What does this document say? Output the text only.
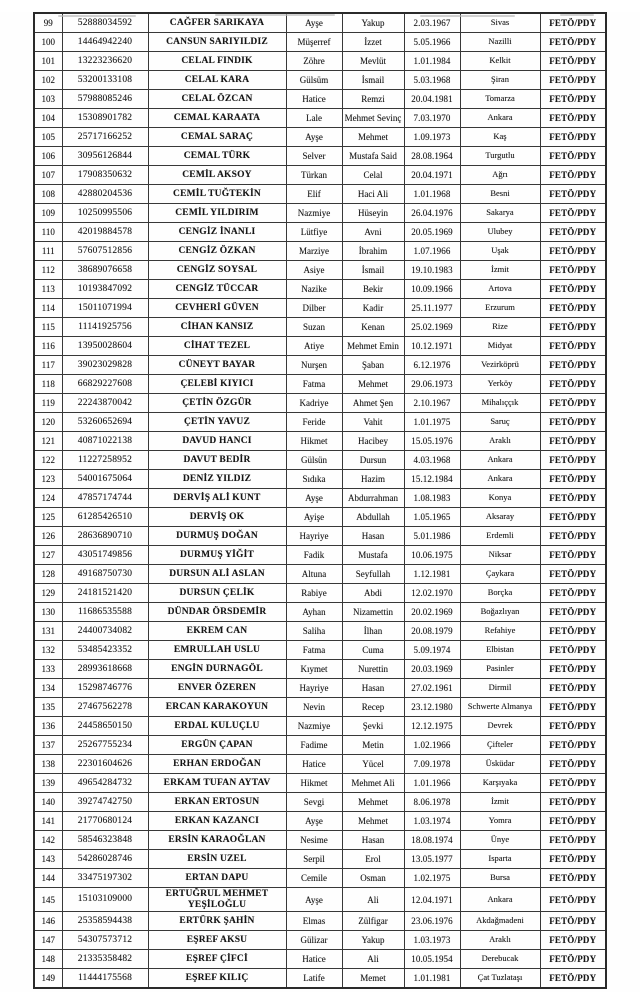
99	52888034592	CAĞFER SARIKAYA	Ayşe	Yakup	2.03.1967	Sivas	FETÖ/PDY
100	14464942240	CANSUN SARIYILDIZ	Müşerref	İzzet	5.05.1966	Nazilli	FETÖ/PDY
101	13223236620	CELAL FINDIK	Zöhre	Mevlüt	1.01.1984	Kelkit	FETÖ/PDY
102	53200133108	CELAL KARA	Gülsüm	İsmail	5.03.1968	Şiran	FETÖ/PDY
103	57988085246	CELAL ÖZCAN	Hatice	Remzi	20.04.1981	Tomarza	FETÖ/PDY
104	15308901782	CEMAL KARAATA	Lale	Mehmet Sevinç	7.03.1970	Ankara	FETÖ/PDY
105	25717166252	CEMAL SARAÇ	Ayşe	Mehmet	1.09.1973	Kaş	FETÖ/PDY
106	30956126844	CEMAL TÜRK	Selver	Mustafa Said	28.08.1964	Turgutlu	FETÖ/PDY
107	17908350632	CEMİL AKSOY	Türkan	Celal	20.04.1971	Ağrı	FETÖ/PDY
108	42880204536	CEMİL TUĞTEKİN	Elif	Haci Ali	1.01.1968	Besni	FETÖ/PDY
109	10250995506	CEMİL YILDIRIM	Nazmiye	Hüseyin	26.04.1976	Sakarya	FETÖ/PDY
110	42019884578	CENGİZ İNANLI	Lütfiye	Avni	20.05.1969	Ulubey	FETÖ/PDY
111	57607512856	CENGİZ ÖZKAN	Marziye	İbrahim	1.07.1966	Uşak	FETÖ/PDY
112	38689076658	CENGİZ SOYSAL	Asiye	İsmail	19.10.1983	İzmit	FETÖ/PDY
113	10193847092	CENGİZ TÜCCAR	Nazike	Bekir	10.09.1966	Artova	FETÖ/PDY
114	15011071994	CEVHERİ GÜVEN	Dilber	Kadir	25.11.1977	Erzurum	FETÖ/PDY
115	11141925756	CİHAN KANSIZ	Suzan	Kenan	25.02.1969	Rize	FETÖ/PDY
116	13950028604	CİHAT TEZEL	Atiye	Mehmet Emin	10.12.1971	Midyat	FETÖ/PDY
117	39023029828	CÜNEYT BAYAR	Nurşen	Şaban	6.12.1976	Vezirköprü	FETÖ/PDY
118	66829227608	ÇELEBİ KIYICI	Fatma	Mehmet	29.06.1973	Yerköy	FETÖ/PDY
119	22243870042	ÇETİN ÖZGÜR	Kadriye	Ahmet Şen	2.10.1967	Mihalıççık	FETÖ/PDY
120	53260652694	ÇETİN YAVUZ	Feride	Vahit	1.01.1975	Saruç	FETÖ/PDY
121	40871022138	DAVUD HANCI	Hikmet	Hacibey	15.05.1976	Araklı	FETÖ/PDY
122	11227258952	DAVUT BEDİR	Gülsün	Dursun	4.03.1968	Ankara	FETÖ/PDY
123	54001675064	DENİZ YILDIZ	Sıdıka	Hazim	15.12.1984	Ankara	FETÖ/PDY
124	47857174744	DERVİŞ ALİ KUNT	Ayşe	Abdurrahman	1.08.1983	Konya	FETÖ/PDY
125	61285426510	DERVİŞ OK	Ayişe	Abdullah	1.05.1965	Aksaray	FETÖ/PDY
126	28636890710	DURMUŞ DOĞAN	Hayriye	Hasan	5.01.1986	Erdemli	FETÖ/PDY
127	43051749856	DURMUŞ YİĞİT	Fadik	Mustafa	10.06.1975	Niksar	FETÖ/PDY
128	49168750730	DURSUN ALİ ASLAN	Altuna	Seyfullah	1.12.1981	Çaykara	FETÖ/PDY
129	24181521420	DURSUN ÇELİK	Rabiye	Abdi	12.02.1970	Borçka	FETÖ/PDY
130	11686535588	DÜNDAR ÖRSDEMİR	Ayhan	Nizamettin	20.02.1969	Boğazlıyan	FETÖ/PDY
131	24400734082	EKREM CAN	Saliha	İlhan	20.08.1979	Refahiye	FETÖ/PDY
132	53485423352	EMRULLAH USLU	Fatma	Cuma	5.09.1974	Elbistan	FETÖ/PDY
133	28993618668	ENGİN DURNAGÖL	Kıymet	Nurettin	20.03.1969	Pasinler	FETÖ/PDY
134	15298746776	ENVER ÖZEREN	Hayriye	Hasan	27.02.1961	Dirmil	FETÖ/PDY
135	27467562278	ERCAN KARAKOYUN	Nevin	Recep	23.12.1980	Schwerte Almanya	FETÖ/PDY
136	24458650150	ERDAL KULUÇLU	Nazmiye	Şevki	12.12.1975	Devrek	FETÖ/PDY
137	25267755234	ERGÜN ÇAPAN	Fadime	Metin	1.02.1966	Çifteler	FETÖ/PDY
138	22301604626	ERHAN ERDOĞAN	Hatice	Yücel	7.09.1978	Üsküdar	FETÖ/PDY
139	49654284732	ERKAM TUFAN AYTAV	Hikmet	Mehmet Ali	1.01.1966	Karşıyaka	FETÖ/PDY
140	39274742750	ERKAN ERTOSUN	Sevgi	Mehmet	8.06.1978	İzmit	FETÖ/PDY
141	21770680124	ERKAN KAZANCI	Ayşe	Mehmet	1.03.1974	Yomra	FETÖ/PDY
142	58546323848	ERSİN KARAOĞLAN	Nesime	Hasan	18.08.1974	Ünye	FETÖ/PDY
143	54286028746	ERSİN UZEL	Serpil	Erol	13.05.1977	Isparta	FETÖ/PDY
144	33475197302	ERTAN DAPU	Cemile	Osman	1.02.1975	Bursa	FETÖ/PDY
145	15103109000	ERTUĞRUL MEHMET YEŞİLOĞLU	Ayşe	Ali	12.04.1971	Ankara	FETÖ/PDY
146	25358594438	ERTÜRK ŞAHİN	Elmas	Zülfigar	23.06.1976	Akdağmadeni	FETÖ/PDY
147	54307573712	EŞREF AKSU	Gülizar	Yakup	1.03.1973	Araklı	FETÖ/PDY
148	21335358482	EŞREF ÇİFCİ	Hatice	Ali	10.05.1954	Derebucak	FETÖ/PDY
149	11444175568	EŞREF KILIÇ	Latife	Memet	1.01.1981	Çat Tuzlataşı	FETÖ/PDY
